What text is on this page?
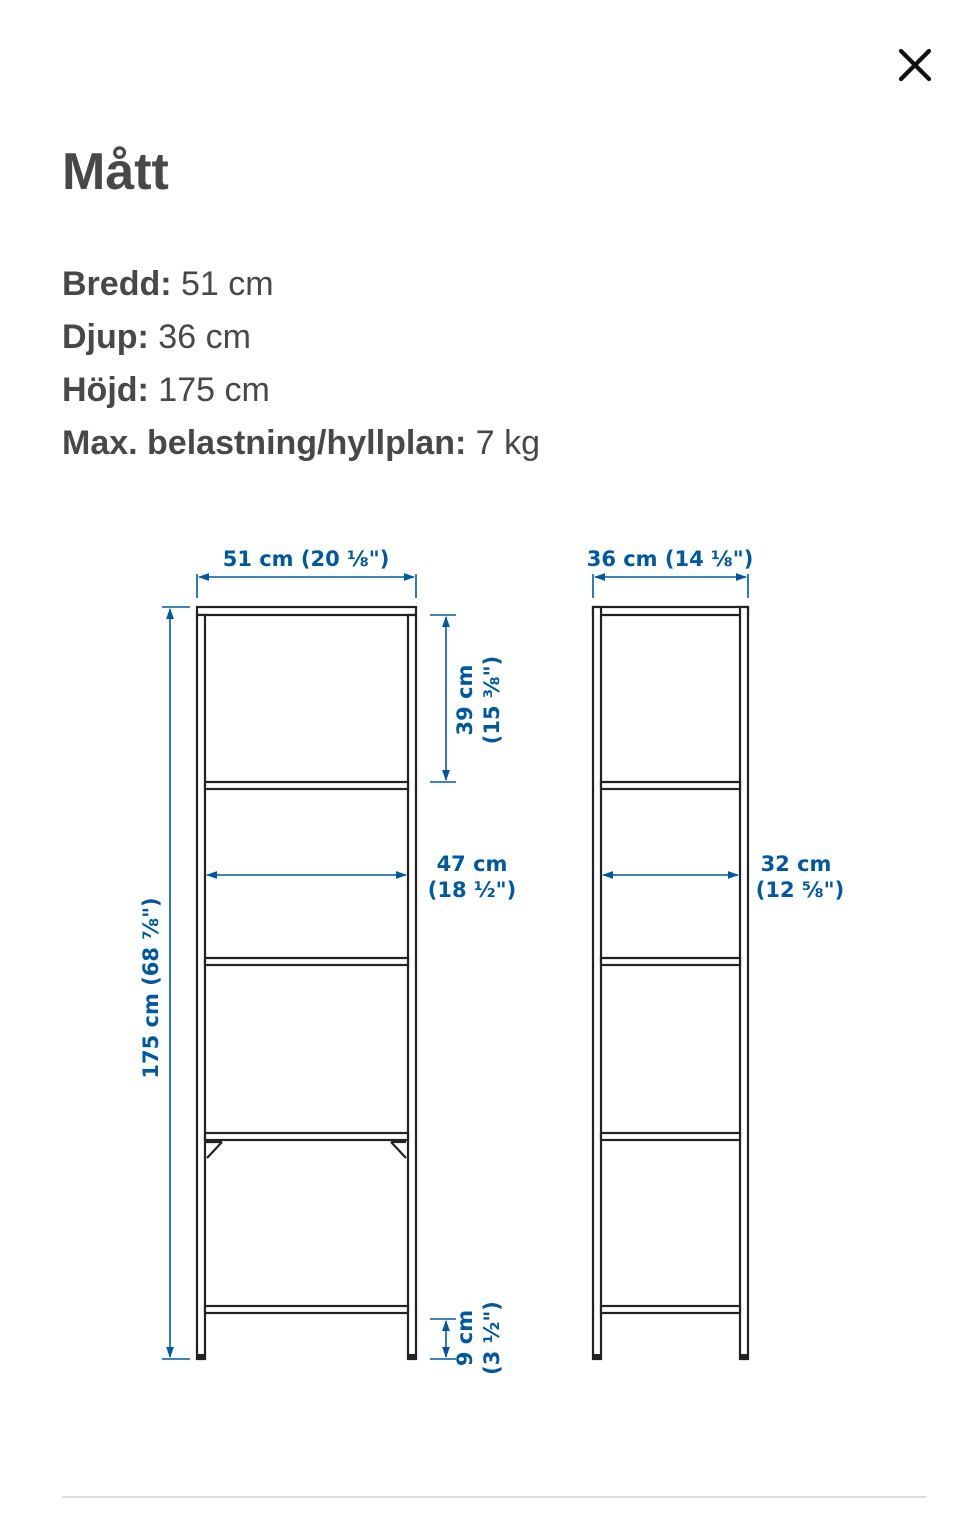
Mått
Bredd: 51 cm
Djup: 36 cm
Höjd: 175 cm
Max. belastning/hyllplan: 7 kg
51 cm (20 ⅛")
175 cm (68 ⅞")
39 cm (15 ⅜")
47 cm
(18 ½")
9 cm (3 ½")
36 cm (14 ⅛")
32 cm
(12 ⅝")
